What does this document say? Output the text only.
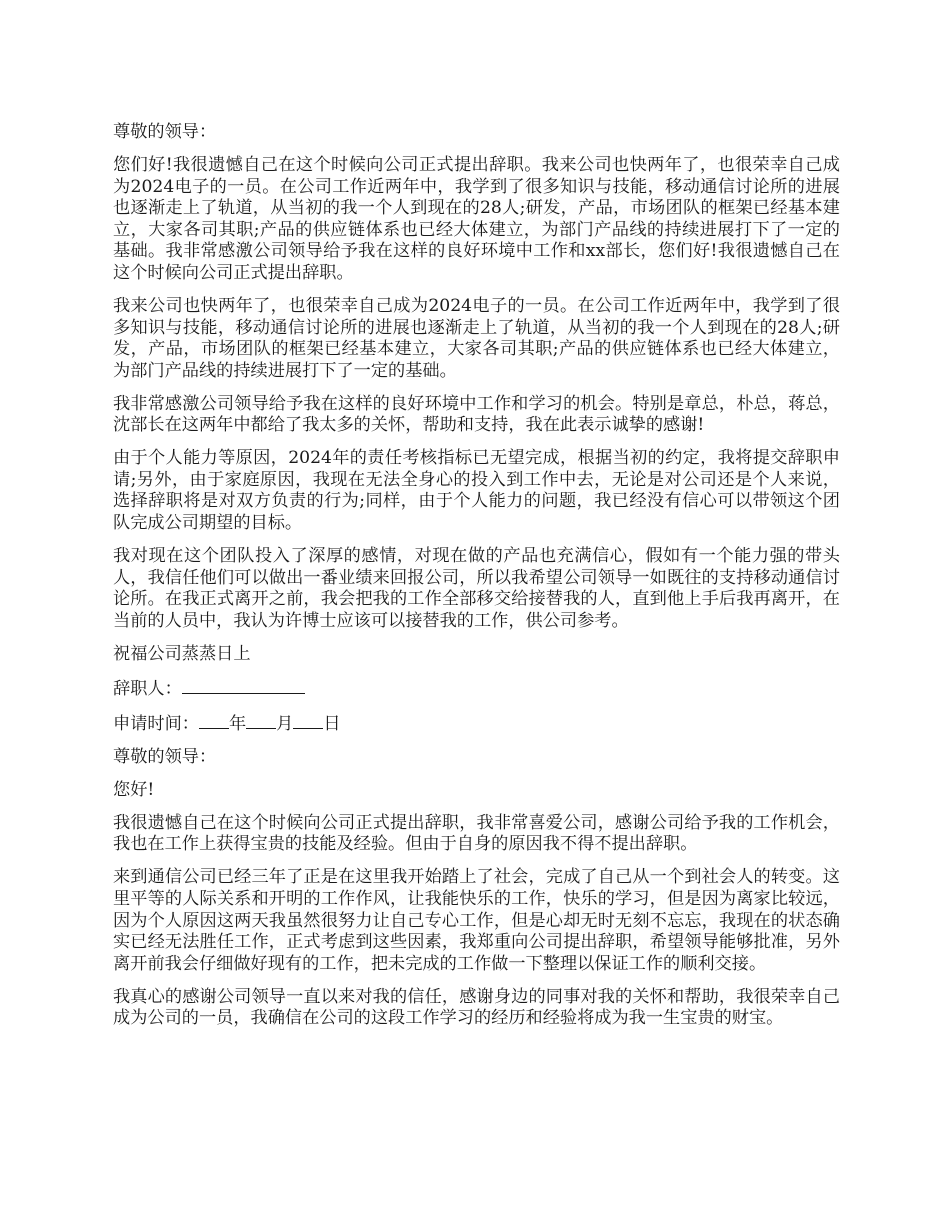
尊敬的领导：

您们好!我很遗憾自己在这个时候向公司正式提出辞职。我来公司也快两年了，也很荣幸自己成为2024电子的一员。在公司工作近两年中，我学到了很多知识与技能，移动通信讨论所的进展也逐渐走上了轨道，从当初的我一个人到现在的28人;研发，产品，市场团队的框架已经基本建立，大家各司其职;产品的供应链体系也已经大体建立，为部门产品线的持续进展打下了一定的基础。我非常感激公司领导给予我在这样的良好环境中工作和xx部长，您们好!我很遗憾自己在这个时候向公司正式提出辞职。

我来公司也快两年了，也很荣幸自己成为2024电子的一员。在公司工作近两年中，我学到了很多知识与技能，移动通信讨论所的进展也逐渐走上了轨道，从当初的我一个人到现在的28人;研发，产品，市场团队的框架已经基本建立，大家各司其职;产品的供应链体系也已经大体建立，为部门产品线的持续进展打下了一定的基础。

我非常感激公司领导给予我在这样的良好环境中工作和学习的机会。特别是章总，朴总，蒋总，沈部长在这两年中都给了我太多的关怀，帮助和支持，我在此表示诚挚的感谢!

由于个人能力等原因，2024年的责任考核指标已无望完成，根据当初的约定，我将提交辞职申请;另外，由于家庭原因，我现在无法全身心的投入到工作中去，无论是对公司还是个人来说，选择辞职将是对双方负责的行为;同样，由于个人能力的问题，我已经没有信心可以带领这个团队完成公司期望的目标。

我对现在这个团队投入了深厚的感情，对现在做的产品也充满信心，假如有一个能力强的带头人，我信任他们可以做出一番业绩来回报公司，所以我希望公司领导一如既往的支持移动通信讨论所。在我正式离开之前，我会把我的工作全部移交给接替我的人，直到他上手后我再离开，在当前的人员中，我认为许博士应该可以接替我的工作，供公司参考。

祝福公司蒸蒸日上

辞职人：

申请时间： 年 月 日

尊敬的领导：

您好!

我很遗憾自己在这个时候向公司正式提出辞职，我非常喜爱公司，感谢公司给予我的工作机会，我也在工作上获得宝贵的技能及经验。但由于自身的原因我不得不提出辞职。

来到通信公司已经三年了正是在这里我开始踏上了社会，完成了自己从一个到社会人的转变。这里平等的人际关系和开明的工作作风，让我能快乐的工作，快乐的学习，但是因为离家比较远，因为个人原因这两天我虽然很努力让自己专心工作，但是心却无时无刻不忘忘，我现在的状态确实已经无法胜任工作，正式考虑到这些因素，我郑重向公司提出辞职，希望领导能够批准，另外离开前我会仔细做好现有的工作，把未完成的工作做一下整理以保证工作的顺利交接。

我真心的感谢公司领导一直以来对我的信任，感谢身边的同事对我的关怀和帮助，我很荣幸自己成为公司的一员，我确信在公司的这段工作学习的经历和经验将成为我一生宝贵的财宝。
